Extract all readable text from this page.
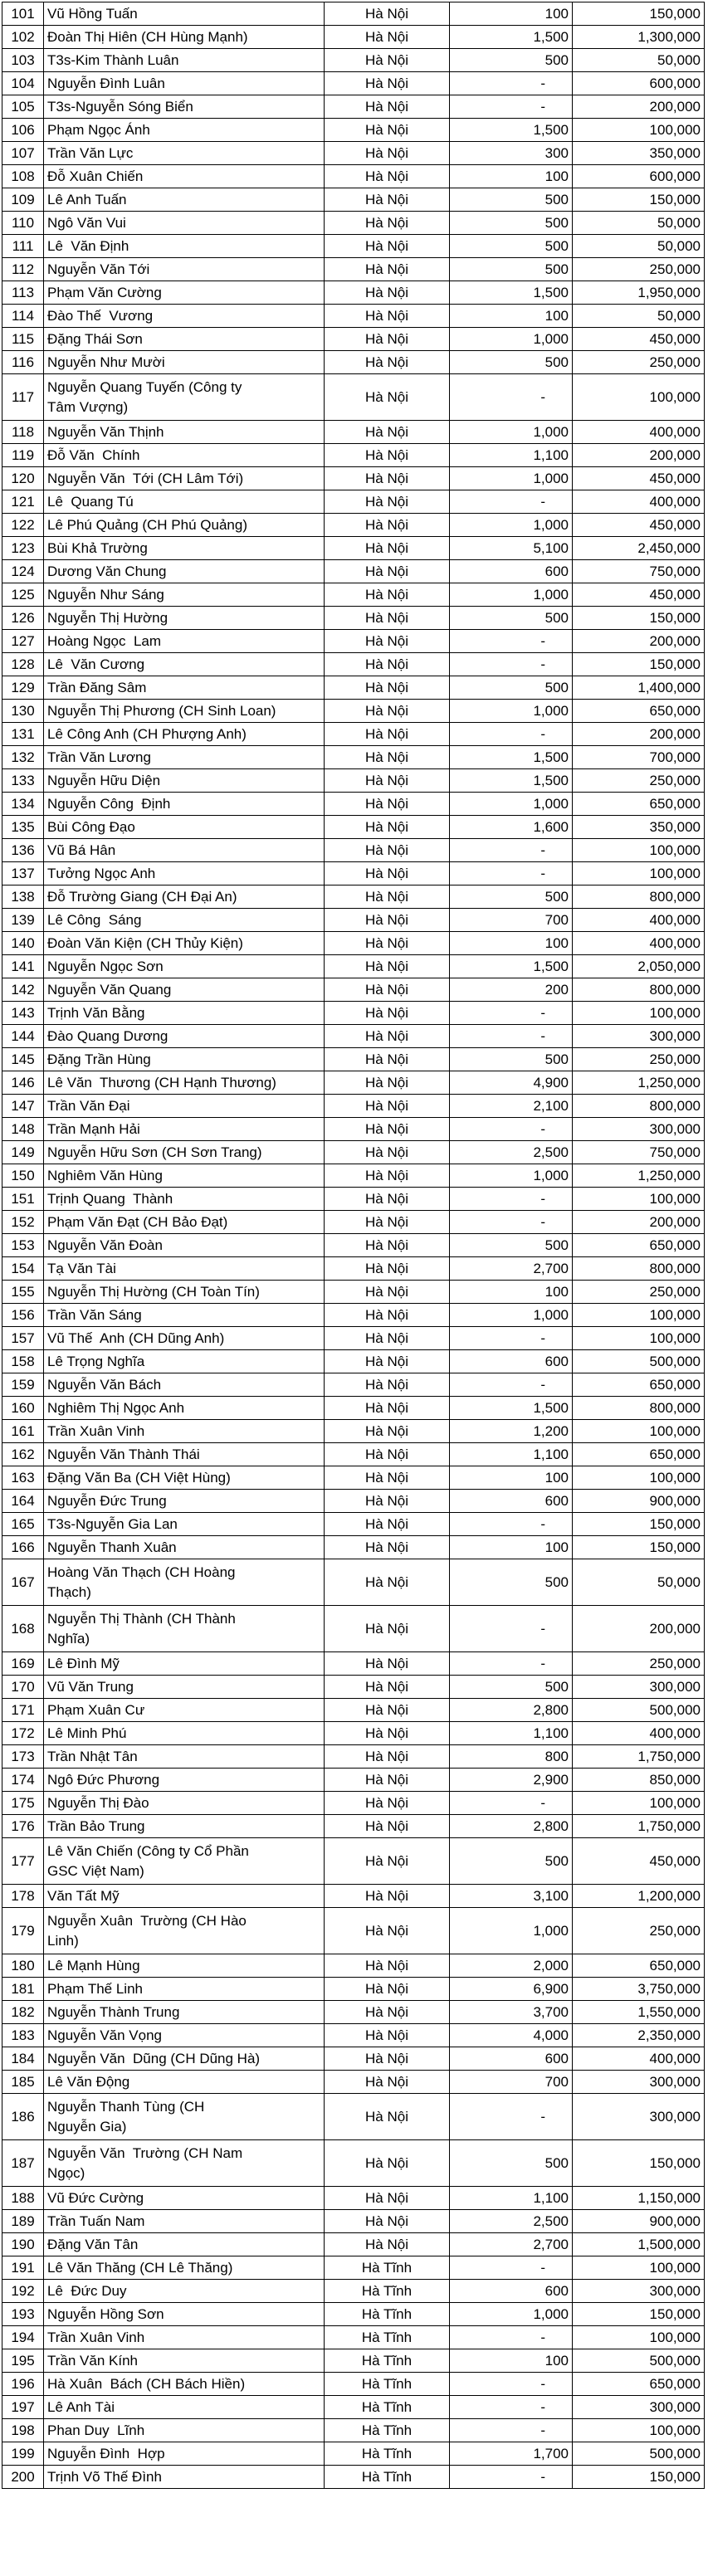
101	Vũ Hồng Tuấn	Hà Nội	100	150,000
102	Đoàn Thị Hiên (CH Hùng Mạnh)	Hà Nội	1,500	1,300,000
103	T3s-Kim Thành Luân	Hà Nội	500	50,000
104	Nguyễn Đình Luân	Hà Nội	-	600,000
105	T3s-Nguyễn Sóng Biển	Hà Nội	-	200,000
106	Phạm Ngọc Ánh	Hà Nội	1,500	100,000
107	Trần Văn Lực	Hà Nội	300	350,000
108	Đỗ Xuân Chiến	Hà Nội	100	600,000
109	Lê Anh Tuấn	Hà Nội	500	150,000
110	Ngô Văn Vui	Hà Nội	500	50,000
111	Lê  Văn Định	Hà Nội	500	50,000
112	Nguyễn Văn Tới	Hà Nội	500	250,000
113	Phạm Văn Cường	Hà Nội	1,500	1,950,000
114	Đào Thế  Vương	Hà Nội	100	50,000
115	Đặng Thái Sơn	Hà Nội	1,000	450,000
116	Nguyễn Như Mười	Hà Nội	500	250,000
117	Nguyễn Quang Tuyến (Công ty Tâm Vượng)	Hà Nội	-	100,000
118	Nguyễn Văn Thịnh	Hà Nội	1,000	400,000
119	Đỗ Văn  Chính	Hà Nội	1,100	200,000
120	Nguyễn Văn  Tới (CH Lâm Tới)	Hà Nội	1,000	450,000
121	Lê  Quang Tú	Hà Nội	-	400,000
122	Lê Phú Quảng (CH Phú Quảng)	Hà Nội	1,000	450,000
123	Bùi Khả Trường	Hà Nội	5,100	2,450,000
124	Dương Văn Chung	Hà Nội	600	750,000
125	Nguyễn Như Sáng	Hà Nội	1,000	450,000
126	Nguyễn Thị Hường	Hà Nội	500	150,000
127	Hoàng Ngọc  Lam	Hà Nội	-	200,000
128	Lê  Văn Cương	Hà Nội	-	150,000
129	Trần Đăng Sâm	Hà Nội	500	1,400,000
130	Nguyễn Thị Phương (CH Sinh Loan)	Hà Nội	1,000	650,000
131	Lê Công Anh (CH Phượng Anh)	Hà Nội	-	200,000
132	Trần Văn Lương	Hà Nội	1,500	700,000
133	Nguyễn Hữu Diện	Hà Nội	1,500	250,000
134	Nguyễn Công  Định	Hà Nội	1,000	650,000
135	Bùi Công Đạo	Hà Nội	1,600	350,000
136	Vũ Bá Hân	Hà Nội	-	100,000
137	Tưởng Ngọc Anh	Hà Nội	-	100,000
138	Đỗ Trường Giang (CH Đại An)	Hà Nội	500	800,000
139	Lê Công  Sáng	Hà Nội	700	400,000
140	Đoàn Văn Kiện (CH Thủy Kiện)	Hà Nội	100	400,000
141	Nguyễn Ngọc Sơn	Hà Nội	1,500	2,050,000
142	Nguyễn Văn Quang	Hà Nội	200	800,000
143	Trịnh Văn Bằng	Hà Nội	-	100,000
144	Đào Quang Dương	Hà Nội	-	300,000
145	Đặng Trần Hùng	Hà Nội	500	250,000
146	Lê Văn  Thương (CH Hạnh Thương)	Hà Nội	4,900	1,250,000
147	Trần Văn Đại	Hà Nội	2,100	800,000
148	Trần Mạnh Hải	Hà Nội	-	300,000
149	Nguyễn Hữu Sơn (CH Sơn Trang)	Hà Nội	2,500	750,000
150	Nghiêm Văn Hùng	Hà Nội	1,000	1,250,000
151	Trịnh Quang  Thành	Hà Nội	-	100,000
152	Phạm Văn Đạt (CH Bảo Đạt)	Hà Nội	-	200,000
153	Nguyễn Văn Đoàn	Hà Nội	500	650,000
154	Tạ Văn Tài	Hà Nội	2,700	800,000
155	Nguyễn Thị Hường (CH Toàn Tín)	Hà Nội	100	250,000
156	Trần Văn Sáng	Hà Nội	1,000	100,000
157	Vũ Thế  Anh (CH Dũng Anh)	Hà Nội	-	100,000
158	Lê Trọng Nghĩa	Hà Nội	600	500,000
159	Nguyễn Văn Bách	Hà Nội	-	650,000
160	Nghiêm Thị Ngọc Anh	Hà Nội	1,500	800,000
161	Trần Xuân Vinh	Hà Nội	1,200	100,000
162	Nguyễn Văn Thành Thái	Hà Nội	1,100	650,000
163	Đặng Văn Ba (CH Việt Hùng)	Hà Nội	100	100,000
164	Nguyễn Đức Trung	Hà Nội	600	900,000
165	T3s-Nguyễn Gia Lan	Hà Nội	-	150,000
166	Nguyễn Thanh Xuân	Hà Nội	100	150,000
167	Hoàng Văn Thạch (CH Hoàng Thạch)	Hà Nội	500	50,000
168	Nguyễn Thị Thành (CH Thành Nghĩa)	Hà Nội	-	200,000
169	Lê Đình Mỹ	Hà Nội	-	250,000
170	Vũ Văn Trung	Hà Nội	500	300,000
171	Phạm Xuân Cư	Hà Nội	2,800	500,000
172	Lê Minh Phú	Hà Nội	1,100	400,000
173	Trần Nhật Tân	Hà Nội	800	1,750,000
174	Ngô Đức Phương	Hà Nội	2,900	850,000
175	Nguyễn Thị Đào	Hà Nội	-	100,000
176	Trần Bảo Trung	Hà Nội	2,800	1,750,000
177	Lê Văn Chiến (Công ty Cổ Phần GSC Việt Nam)	Hà Nội	500	450,000
178	Văn Tất Mỹ	Hà Nội	3,100	1,200,000
179	Nguyễn Xuân  Trường (CH Hào Linh)	Hà Nội	1,000	250,000
180	Lê Mạnh Hùng	Hà Nội	2,000	650,000
181	Phạm Thế Linh	Hà Nội	6,900	3,750,000
182	Nguyễn Thành Trung	Hà Nội	3,700	1,550,000
183	Nguyễn Văn Vọng	Hà Nội	4,000	2,350,000
184	Nguyễn Văn  Dũng (CH Dũng Hà)	Hà Nội	600	400,000
185	Lê Văn Động	Hà Nội	700	300,000
186	Nguyễn Thanh Tùng (CH Nguyễn Gia)	Hà Nội	-	300,000
187	Nguyễn Văn  Trường (CH Nam Ngọc)	Hà Nội	500	150,000
188	Vũ Đức Cường	Hà Nội	1,100	1,150,000
189	Trần Tuấn Nam	Hà Nội	2,500	900,000
190	Đặng Văn Tân	Hà Nội	2,700	1,500,000
191	Lê Văn Thăng (CH Lê Thăng)	Hà Tĩnh	-	100,000
192	Lê  Đức Duy	Hà Tĩnh	600	300,000
193	Nguyễn Hồng Sơn	Hà Tĩnh	1,000	150,000
194	Trần Xuân Vinh	Hà Tĩnh	-	100,000
195	Trần Văn Kính	Hà Tĩnh	100	500,000
196	Hà Xuân  Bách (CH Bách Hiền)	Hà Tĩnh	-	650,000
197	Lê Anh Tài	Hà Tĩnh	-	300,000
198	Phan Duy  Lĩnh	Hà Tĩnh	-	100,000
199	Nguyễn Đình  Hợp	Hà Tĩnh	1,700	500,000
200	Trịnh Võ Thế Đình	Hà Tĩnh	-	150,000
